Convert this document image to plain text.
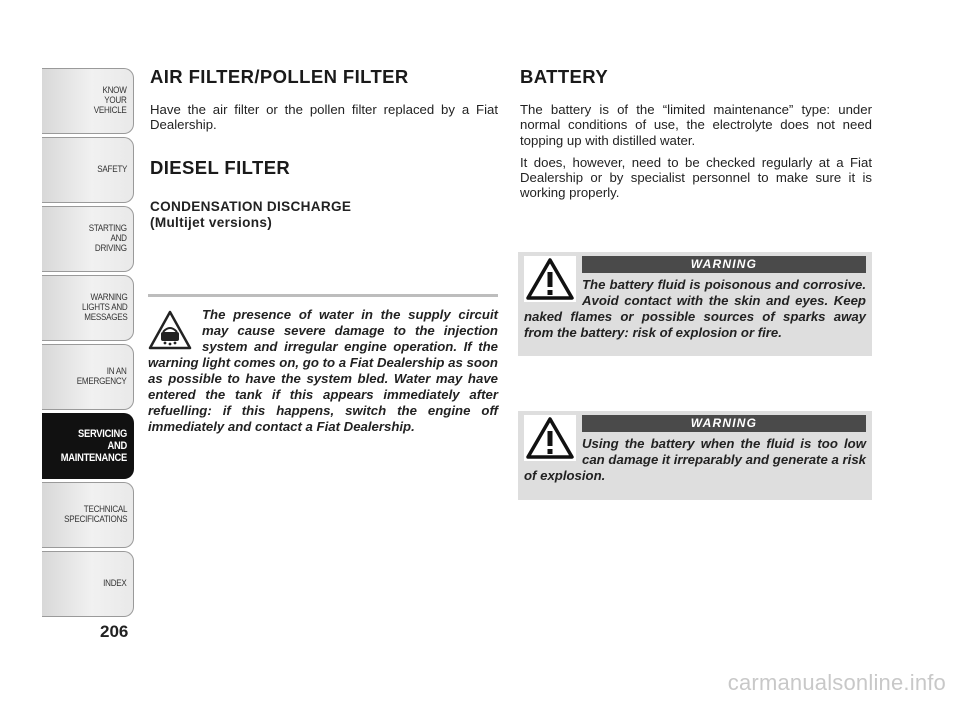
KNOW
YOUR
VEHICLE
SAFETY
STARTING
AND
DRIVING
WARNING
LIGHTS AND
MESSAGES
IN AN
EMERGENCY
SERVICING
AND
MAINTENANCE
TECHNICAL
SPECIFICATIONS
INDEX
206
AIR FILTER/POLLEN FILTER

Have the air filter or the pollen filter replaced by a Fiat Dealership.

DIESEL FILTER

CONDENSATION DISCHARGE

(Multijet versions)

The presence of water in the supply circuit may cause severe damage to the injection system and irregular engine operation. If the warning light comes on, go to a Fiat Dealership as soon as possible to have the system bled. Water may have entered the tank if this appears immediately after refuelling: if this happens, switch the engine off immediately and contact a Fiat Dealership.

BATTERY

The battery is of the “limited maintenance” type: under normal conditions of use, the electrolyte does not need topping up with distilled water.

It does, however, need to be checked regularly at a Fiat Dealership or by specialist personnel to make sure it is working properly.

WARNING

The battery fluid is poisonous and corrosive. Avoid contact with the skin and eyes. Keep naked flames or possible sources of sparks away from the battery: risk of explosion or fire.

WARNING

Using the battery when the fluid is too low can damage it irreparably and generate a risk of explosion.

carmanualsonline.info
